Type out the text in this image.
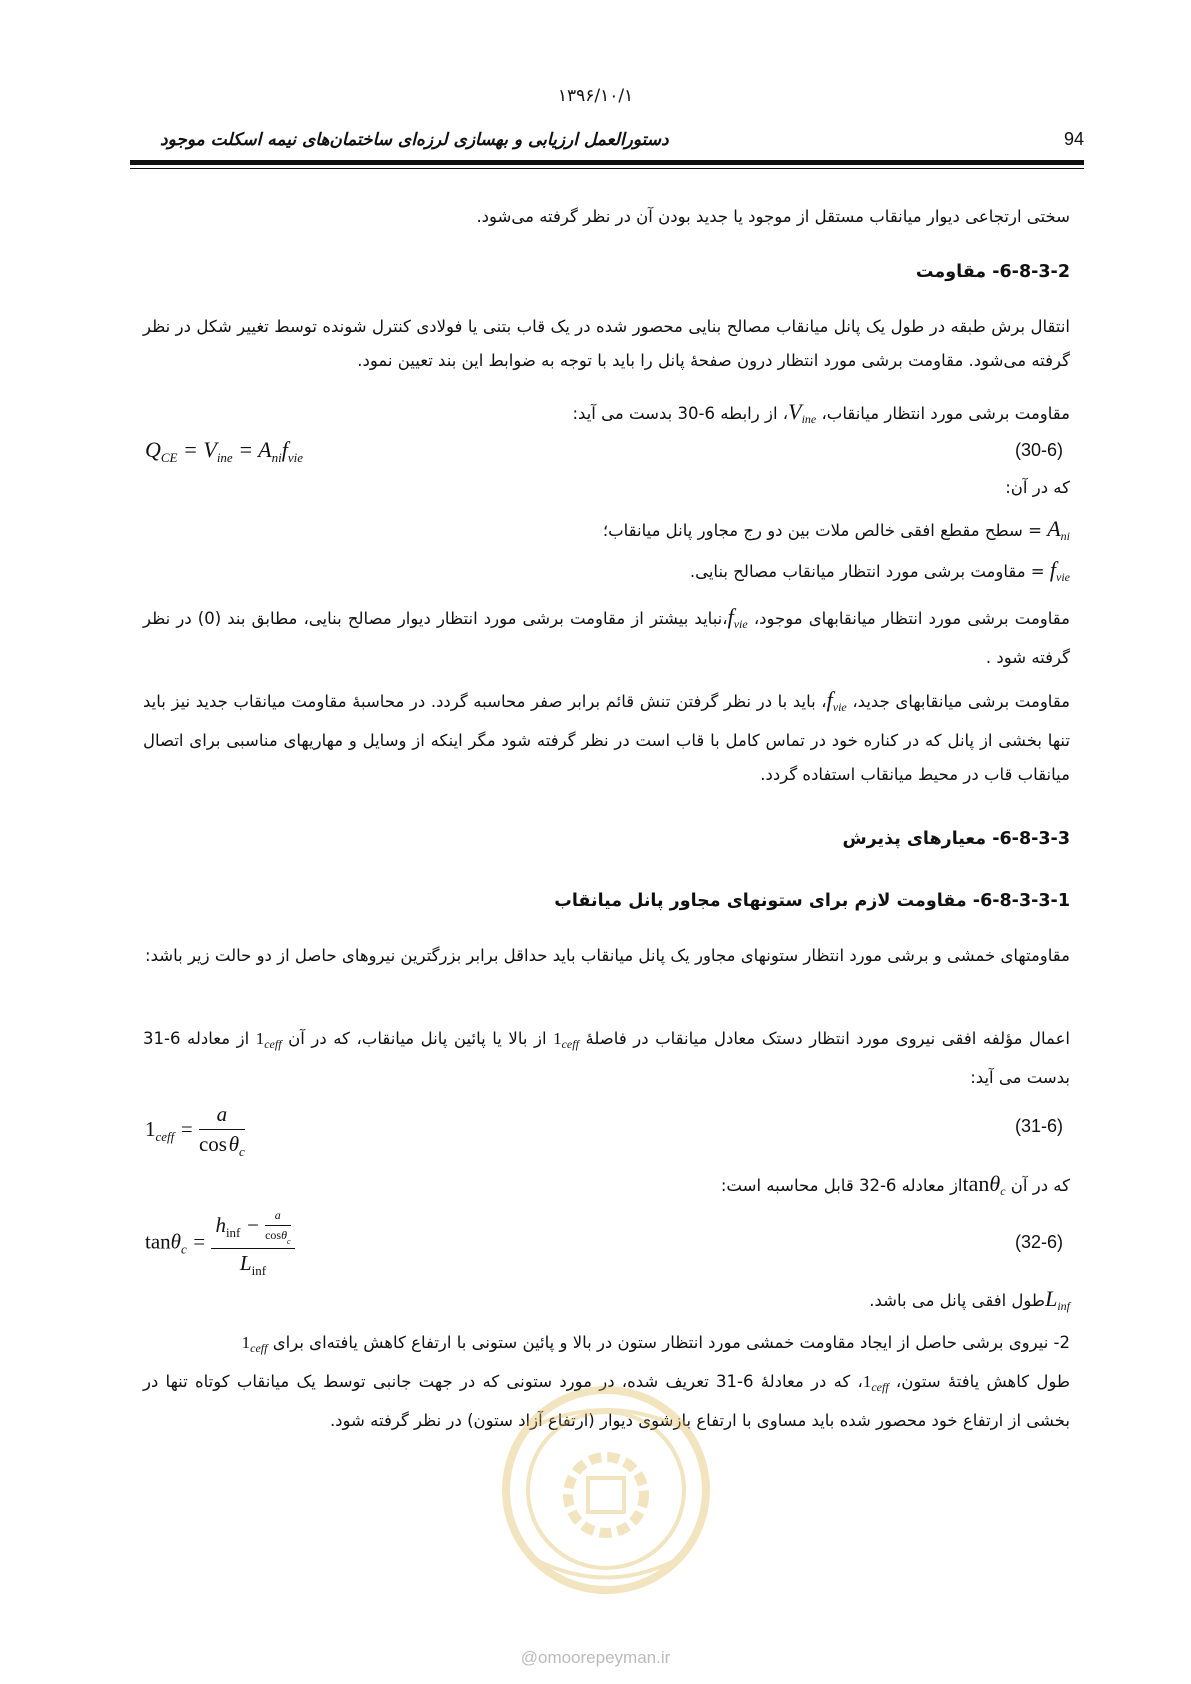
۱۳۹۶/۱۰/۱
دستورالعمل ارزیابی و بهسازی لرزه‌ای ساختمان‌های نیمه اسکلت موجود	94
سختی ارتجاعی دیوار میانقاب مستقل از موجود یا جدید بودن آن در نظر گرفته می‌شود.
6-8-3-2- مقاومت
انتقال برش طبقه در طول یک پانل میانقاب مصالح بنایی محصور شده در یک قاب بتنی یا فولادی کنترل شونده توسط تغییر شکل در نظر گرفته می‌شود. مقاومت برشی مورد انتظار درون صفحهٔ پانل را باید با توجه به ضوابط این بند تعیین نمود.
مقاومت برشی مورد انتظار میانقاب، $V_{ine}،$ از رابطه 6-30 بدست می آید:
$Q_{CE} = V_{ine} = A_{ni}f_{vie}$	(30-6)
که در آن:
$A_{ni}$ = سطح مقطع افقی خالص ملات بین دو رج مجاور پانل میانقاب؛
$f_{vie}$ = مقاومت برشی مورد انتظار میانقاب مصالح بنایی.
مقاومت برشی مورد انتظار میانقابهای موجود، $f_{vie}،نباید$ بیشتر از مقاومت برشی مورد انتظار دیوار مصالح بنایی، مطابق بند (0) در نظر گرفته شود .
مقاومت برشی میانقابهای جدید، $f_{vie}،$ باید با در نظر گرفتن تنش قائم برابر صفر محاسبه گردد. در محاسبهٔ مقاومت میانقاب جدید نیز باید تنها بخشی از پانل که در کناره خود در تماس کامل با قاب است در نظر گرفته شود مگر اینکه از وسایل و مهاریهای مناسبی برای اتصال میانقاب قاب در محیط میانقاب استفاده گردد.
6-8-3-3- معیارهای پذیرش
6-8-3-3-1- مقاومت لازم برای ستونهای مجاور پانل میانقاب
مقاومتهای خمشی و برشی مورد انتظار ستونهای مجاور یک پانل میانقاب باید حداقل برابر بزرگترین نیروهای حاصل از دو حالت زیر باشد:
اعمال مؤلفه افقی نیروی مورد انتظار دستک معادل میانقاب در فاصلهٔ $1_{ceff}$ از بالا یا پائین پانل میانقاب، که در آن $1_{ceff}$ از معادله 6-31 بدست می آید:
$1_{ceff} = \frac{a}{\cos \theta_c}$	(31-6)
که در آن tanθ$_c$از معادله 6-32 قابل محاسبه است:
$\tan\theta_c = \frac{h_{inf} - \frac{a}{\cos\theta_c}}{L_{inf}}$	(32-6)
$L_{inf}طول$ افقی پانل می باشد.
2- نیروی برشی حاصل از ایجاد مقاومت خمشی مورد انتظار ستون در بالا و پائین ستونی با ارتفاع کاهش یافته‌ای برای $1_{ceff}$
طول کاهش یافتهٔ ستون، $1_{ceff}،$ که در معادلهٔ 6-31 تعریف شده، در مورد ستونی که در جهت جانبی توسط یک میانقاب کوتاه تنها در بخشی از ارتفاع خود محصور شده باید مساوی با ارتفاع بازشوی دیوار (ارتفاع آزاد ستون) در نظر گرفته شود.
@omoorepeyman.ir
